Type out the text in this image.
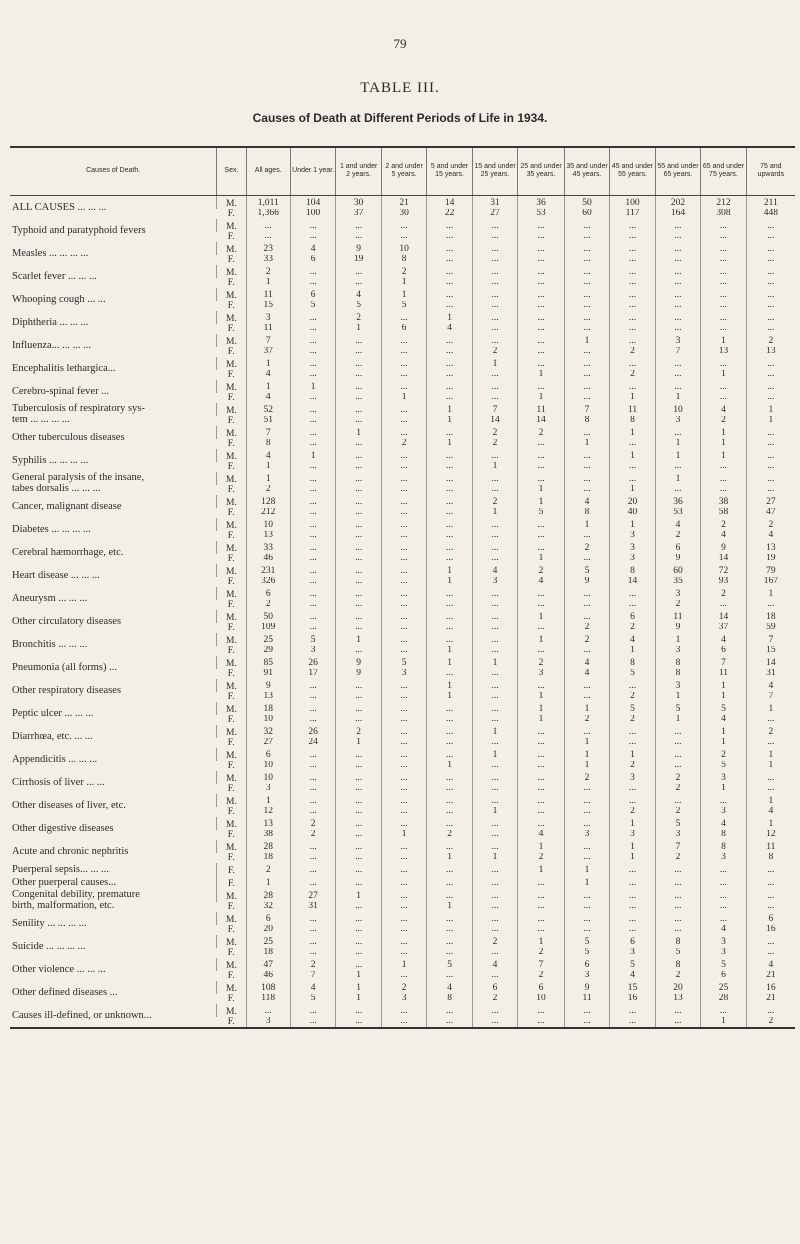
79
TABLE III.
Causes of Death at Different Periods of Life in 1934.
Causes of Death.	Sex.	All ages.	Under 1 year.	1 and under 2 years.	2 and under 5 years.	5 and under 15 years.	15 and under 25 years.	25 and under 35 years.	35 and under 45 years.	45 and under 55 years.	55 and under 65 years.	65 and under 75 years.	75 and upwards

ALL CAUSES ... ... ...	M.	1,011	104	30	21	14	31	36	50	100	202	212	211
	F.	1,366	100	37	30	22	27	53	60	117	164	308	448

Typhoid and paratyphoid fevers	M.	...	...	...	...	...	...	...	...	...	...	...	...
	F.	...	...	...	...	...	...	...	...	...	...	...	...

Measles ... ... ... ...	M.	23	4	9	10	...	...	...	...	...	...	...	...
	F.	33	6	19	8	...	...	...	...	...	...	...	...

Scarlet fever ... ... ...	M.	2	...	...	2	...	...	...	...	...	...	...	...
	F.	1	...	...	1	...	...	...	...	...	...	...	...

Whooping cough ... ...	M.	11	6	4	1	...	...	...	...	...	...	...	...
	F.	15	5	5	5	...	...	...	...	...	...	...	...

Diphtheria ... ... ...	M.	3	...	2	...	1	...	...	...	...	...	...	...
	F.	11	...	1	6	4	...	...	...	...	...	...	...

Influenza... ... ... ...	M.	7	...	...	...	...	...	...	1	...	3	1	2
	F.	37	...	...	...	...	2	...	...	2	7	13	13

Encephalitis lethargica...	M.	1	...	...	...	...	1	...	...	...	...	...	...
	F.	4	...	...	...	...	...	1	...	2	...	1	...

Cerebro-spinal fever ...	M.	1	1	...	...	...	...	...	...	...	...	...	...
	F.	4	...	...	1	...	...	1	...	1	1	...	...

Tuberculosis of respiratory sys-
tem ... ... ... ...	M.	52	...	...	...	1	7	11	7	11	10	4	1
	F.	51	...	...	...	1	14	14	8	8	3	2	1

Other tuberculous diseases	M.	7	...	1	...	...	2	2	...	1	...	1	...
	F.	8	...	...	2	1	2	...	1	...	1	1	...

Syphilis ... ... ... ...	M.	4	1	...	...	...	...	...	...	1	1	1	...
	F.	1	...	...	...	...	1	...	...	...	...	...	...

General paralysis of the insane,
tabes dorsalis ... ... ...	M.	1	...	...	...	...	...	...	...	...	1	...	...
	F.	2	...	...	...	...	...	1	...	1	...	...	...

Cancer, malignant disease	M.	128	...	...	...	...	2	1	4	20	36	38	27
	F.	212	...	...	...	...	1	5	8	40	53	58	47

Diabetes ... ... ... ...	M.	10	...	...	...	...	...	...	1	1	4	2	2
	F.	13	...	...	...	...	...	...	...	3	2	4	4

Cerebral hæmorrhage, etc.	M.	33	...	...	...	...	...	...	2	3	6	9	13
	F.	46	...	...	...	...	...	1	...	3	9	14	19

Heart disease ... ... ...	M.	231	...	...	...	1	4	2	5	8	60	72	79
	F.	326	...	...	...	1	3	4	9	14	35	93	167

Aneurysm ... ... ...	M.	6	...	...	...	...	...	...	...	...	3	2	1
	F.	2	...	...	...	...	...	...	...	...	2	...	...

Other circulatory diseases	M.	50	...	...	...	...	...	1	...	6	11	14	18
	F.	109	...	...	...	...	...	...	2	2	9	37	59

Bronchitis ... ... ...	M.	25	5	1	...	...	...	1	2	4	1	4	7
	F.	29	3	...	...	1	...	...	...	1	3	6	15

Pneumonia (all forms) ...	M.	85	26	9	5	1	1	2	4	8	8	7	14
	F.	91	17	9	3	...	...	3	4	5	8	11	31

Other respiratory diseases	M.	9	...	...	...	1	...	...	...	...	3	1	4
	F.	13	...	...	...	1	...	1	...	2	1	1	7

Peptic ulcer ... ... ...	M.	18	...	...	...	...	...	1	1	5	5	5	1
	F.	10	...	...	...	...	...	1	2	2	1	4	...

Diarrhœa, etc. ... ...	M.	32	26	2	...	...	1	...	...	...	...	1	2
	F.	27	24	1	...	...	...	...	1	...	...	1	...

Appendicitis ... ... ...	M.	6	...	...	...	...	1	...	1	1	...	2	1
	F.	10	...	...	...	1	...	...	1	2	...	5	1

Cirrhosis of liver ... ...	M.	10	...	...	...	...	...	...	2	3	2	3	...
	F.	3	...	...	...	...	...	...	...	...	2	1	...

Other diseases of liver, etc.	M.	1	...	...	...	...	...	...	...	...	...	...	1
	F.	12	...	...	...	...	1	...	...	2	2	3	4

Other digestive diseases	M.	13	2	...	...	...	...	...	...	1	5	4	1
	F.	38	2	...	1	2	...	4	3	3	3	8	12

Acute and chronic nephritis	M.	28	...	...	...	...	...	1	...	1	7	8	11
	F.	18	...	...	...	1	1	2	...	1	2	3	8

Puerperal sepsis... ... ...	F.	2	...	...	...	...	...	1	1	...	...	...	...

Other puerperal causes...	F.	1	...	...	...	...	...	...	1	...	...	...	...

Congenital debility, premature
birth, malformation, etc.	M.	28	27	1	...	...	...	...	...	...	...	...	...
	F.	32	31	...	...	1	...	...	...	...	...	...	...

Senility ... ... ... ...	M.	6	...	...	...	...	...	...	...	...	...	...	6
	F.	20	...	...	...	...	...	...	...	...	...	4	16

Suicide ... ... ... ...	M.	25	...	...	...	...	2	1	5	6	8	3	...
	F.	18	...	...	...	...	...	2	5	3	5	3	...

Other violence ... ... ...	M.	47	2	...	1	5	4	7	6	5	8	5	4
	F.	46	7	1	...	...	...	2	3	4	2	6	21

Other defined diseases ...	M.	108	4	1	2	4	6	6	9	15	20	25	16
	F.	118	5	1	3	8	2	10	11	16	13	28	21

Causes ill-defined, or unknown...	M.	...	...	...	...	...	...	...	...	...	...	...	...
	F.	3	...	...	...	...	...	...	...	...	...	1	2
